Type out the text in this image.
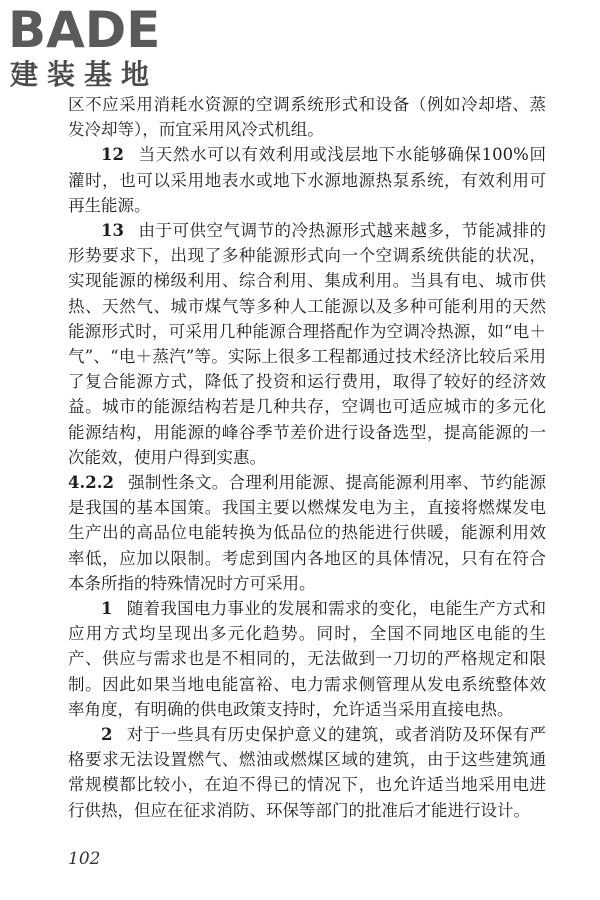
BADE
建装基地

区不应采用消耗水资源的空调系统形式和设备（例如冷却塔、蒸发冷却等），而宜采用风冷式机组。

12 当天然水可以有效利用或浅层地下水能够确保100%回灌时，也可以采用地表水或地下水源地源热泵系统，有效利用可再生能源。

13 由于可供空气调节的冷热源形式越来越多，节能减排的形势要求下，出现了多种能源形式向一个空调系统供能的状况，实现能源的梯级利用、综合利用、集成利用。当具有电、城市供热、天然气、城市煤气等多种人工能源以及多种可能利用的天然能源形式时，可采用几种能源合理搭配作为空调冷热源，如“电＋气”、“电＋蒸汽”等。实际上很多工程都通过技术经济比较后采用了复合能源方式，降低了投资和运行费用，取得了较好的经济效益。城市的能源结构若是几种共存，空调也可适应城市的多元化能源结构，用能源的峰谷季节差价进行设备选型，提高能源的一次能效，使用户得到实惠。

4.2.2 强制性条文。合理利用能源、提高能源利用率、节约能源是我国的基本国策。我国主要以燃煤发电为主，直接将燃煤发电生产出的高品位电能转换为低品位的热能进行供暖，能源利用效率低，应加以限制。考虑到国内各地区的具体情况，只有在符合本条所指的特殊情况时方可采用。

1 随着我国电力事业的发展和需求的变化，电能生产方式和应用方式均呈现出多元化趋势。同时，全国不同地区电能的生产、供应与需求也是不相同的，无法做到一刀切的严格规定和限制。因此如果当地电能富裕、电力需求侧管理从发电系统整体效率角度，有明确的供电政策支持时，允许适当采用直接电热。

2 对于一些具有历史保护意义的建筑，或者消防及环保有严格要求无法设置燃气、燃油或燃煤区域的建筑，由于这些建筑通常规模都比较小，在迫不得已的情况下，也允许适当地采用电进行供热，但应在征求消防、环保等部门的批准后才能进行设计。

102
